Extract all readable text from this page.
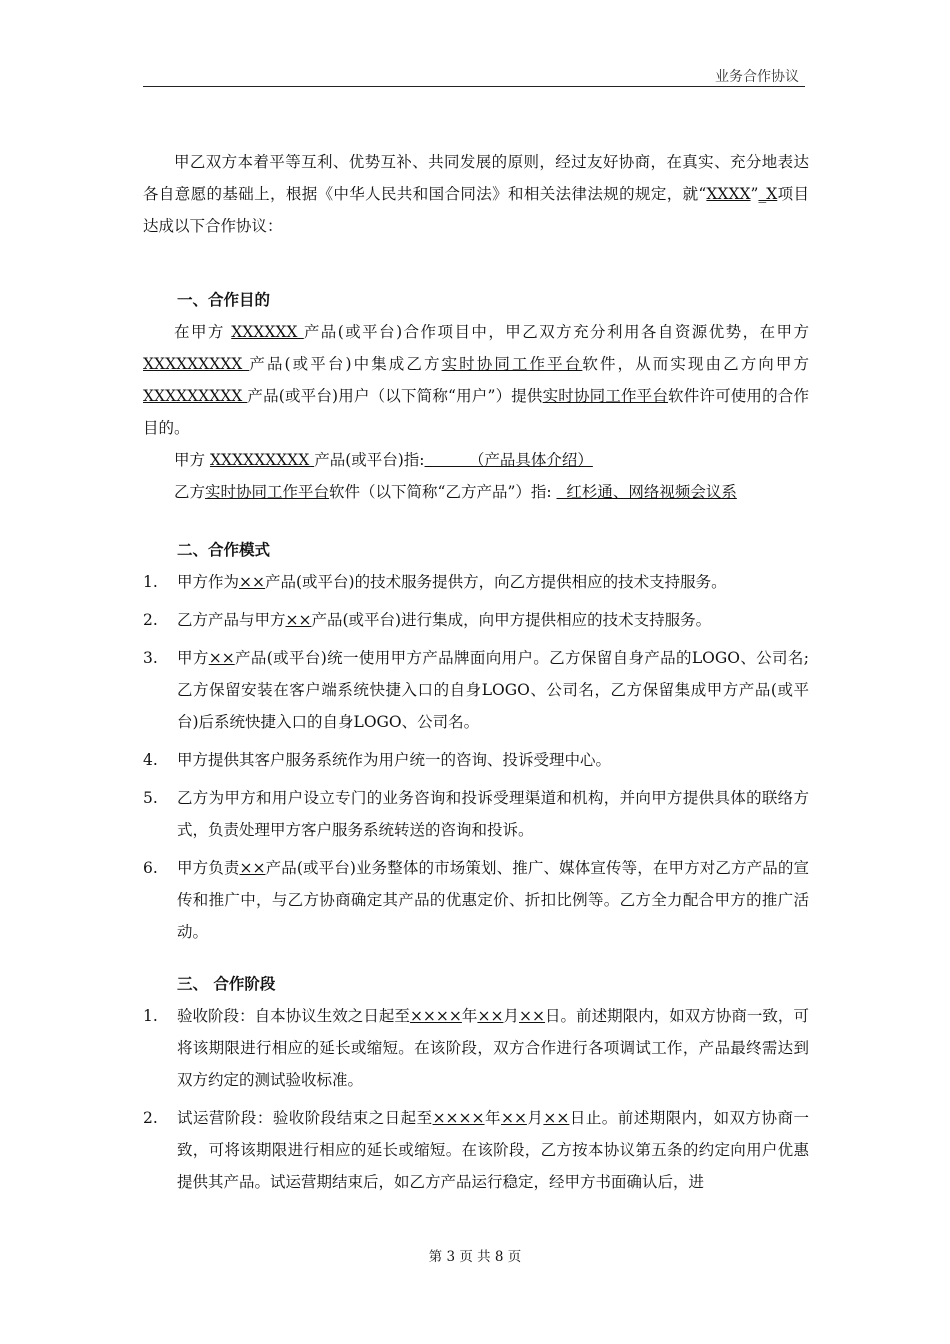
业务合作协议

甲乙双方本着平等互利、优势互补、共同发展的原则，经过友好协商，在真实、充分地表达各自意愿的基础上，根据《中华人民共和国合同法》和相关法律法规的规定，就“XXXX”_X项目达成以下合作协议：

一、合作目的

在甲方 XXXXXX 产品(或平台)合作项目中，甲乙双方充分利用各自资源优势，在甲方 XXXXXXXXX 产品(或平台)中集成乙方实时协同工作平台软件，从而实现由乙方向甲方 XXXXXXXXX 产品(或平台)用户（以下简称“用户”）提供实时协同工作平台软件许可使用的合作目的。

甲方 XXXXXXXXX 产品(或平台)指:         （产品具体介绍）

乙方实时协同工作平台软件（以下简称“乙方产品”）指:   红杉通、网络视频会议系

二、合作模式
1.	甲方作为××产品(或平台)的技术服务提供方，向乙方提供相应的技术支持服务。
2.	乙方产品与甲方××产品(或平台)进行集成，向甲方提供相应的技术支持服务。
3.	甲方××产品(或平台)统一使用甲方产品牌面向用户。乙方保留自身产品的LOGO、公司名;乙方保留安装在客户端系统快捷入口的自身LOGO、公司名，乙方保留集成甲方产品(或平台)后系统快捷入口的自身LOGO、公司名。
4.	甲方提供其客户服务系统作为用户统一的咨询、投诉受理中心。
5.	乙方为甲方和用户设立专门的业务咨询和投诉受理渠道和机构，并向甲方提供具体的联络方式，负责处理甲方客户服务系统转送的咨询和投诉。
6.	甲方负责××产品(或平台)业务整体的市场策划、推广、媒体宣传等，在甲方对乙方产品的宣传和推广中，与乙方协商确定其产品的优惠定价、折扣比例等。乙方全力配合甲方的推广活动。
三、 合作阶段
1.	验收阶段：自本协议生效之日起至××××年××月××日。前述期限内，如双方协商一致，可将该期限进行相应的延长或缩短。在该阶段，双方合作进行各项调试工作，产品最终需达到双方约定的测试验收标准。
2.	试运营阶段：验收阶段结束之日起至××××年××月××日止。前述期限内，如双方协商一致，可将该期限进行相应的延长或缩短。在该阶段，乙方按本协议第五条的约定向用户优惠提供其产品。试运营期结束后，如乙方产品运行稳定，经甲方书面确认后，进
第 3 页 共 8 页
